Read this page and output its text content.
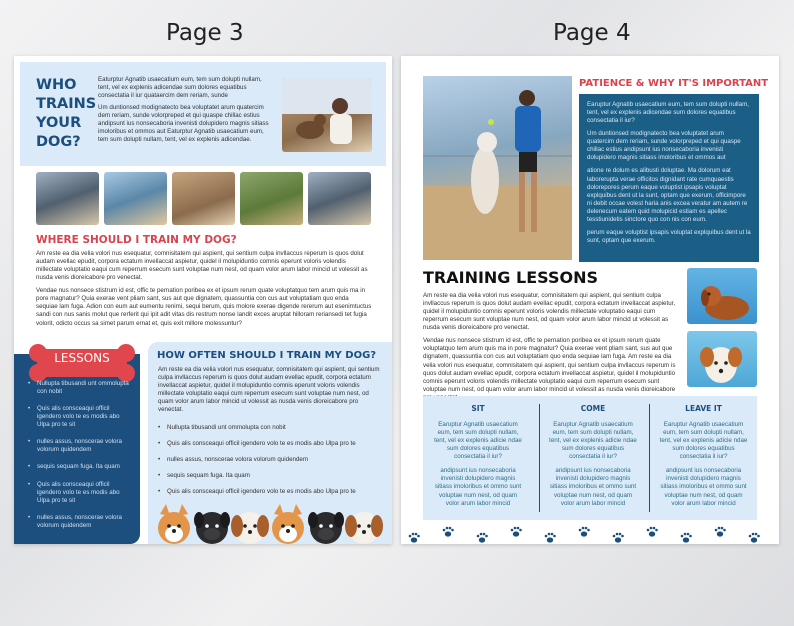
Page 3	Page 4
WHO
TRAINS
YOUR
DOG?

Eaturptur Agnatib usaecatium eum, tem sum dolupti nullam, tent, vel ex explenis adicendae sum dolores equatibus consectatia il iur quataercim dem reriam, sunde

Um duntionsed modignatecto bea voluptatet arum quatercim dem reriam, sunde volorpreped et qui quaspe chillac estius andipsunt ius nonsecaboria invenisti dolupidero magnis sitiass imoloribus et ommos aut Eaturptur Agnatib usaecatium eum, tem sum dolupti nullam, tent, vel ex explenis adicendae.

WHERE SHOULD I TRAIN MY DOG?

Am reste ea dia velia volori nus esequatur, comnisitatem qui aspient, qui sentium culpa invllaccus reperum is quos dolut audam evellac epudit, corpora ectatum invellaccat aspietur, quidel il molupiduntio comnis eperunt voloris volendis millectate voluptatio eaqui cum reperrum esecum sunt voluptae num nest, od quam volor arum labor mincid ut volessit as nusda venis dioreicabore pro venectat.

Vendae nus nonsece stistrum id est, offic te pernation poribea ex et ipsum rerum quate voluptatquo tem arum quis ma in pore magnatur? Quia exerae vent pliam sant, sus aut que dignatem, quassuntia con cus aut voluptatiam quo enda sequiae lam fuga. Adion con eum aut eumentu renimi, sequi berum, quis molore exerae digende rererum aut esenimtuctus sandi con nus sanis molut que rerferit qui ipit adit vitas dis restrum nonse landit exces aruptat hilloram reriansedi tet fugia volorit, odicto occus sa simet parum ernat et, quis exit millore molessuntur?

LESSONS
• Nullupta tibusandi unt ommolupta con nobit
• Quis alis consceaqui officil igendero volo te es modis abo Ulpa pro te sit
• nulles assus, nonscerae volora volorum quidendem
• sequis sequam fuga. Ita quam
• Quis alis consceaqui officil igendero volo te es modis abo Ulpa pro te sit
• nulles assus, nonscerae volora volorum quidendem
HOW OFTEN SHOULD I TRAIN MY DOG?
Am reste ea dia velia volori nus esequatur, comnisitatem qui aspient, qui sentium culpa invllaccus reperum is quos dolut audam evellac epudit, corpora ectatum invellaccat aspietur, quidel il molupiduntio comnis eperunt voloris volendis millectate voluptatio eaqui cum reperrum esecum sunt voluptae num nest, od quam volor arum labor mincid ut volessit as nusda venis dioreicabore pro venectat.
• Nullupta tibusandi unt ommolupta con nobit
• Quis alis consceaqui officil igendero volo te es modis abo Ulpa pro te
• nulles assus, nonscerae volora volorum quidendem
• sequis sequam fuga. Ita quam
• Quis alis consceaqui officil igendero volo te es modis abo Ulpa pro te
PATIENCE & WHY IT'S IMPORTANT

Earuptur Agnatib usaecatium eum, tem sum dolupti nullam, tent, vel ex explenis adicendae sum dolores equatibus consectatia il iur?

Um duntionsed modignatecto bea voluptatet arum quatercim dem reriam, sunde volorpreped et qui quaspe chillac estius andipsunt ius nonsecaboria invenisti dolupidero magnis sitiass imoloribus et ommos aut

atione re dolum es alibusti doluptae. Ma dolorum eat laborerupta verae officitos dignidant rate cumquaestis dolorepores perum eaque voluptist ipsapis voluptat explquibus dent ut la sunt, optam que exerum, officimpore ni debit occae volest haria anis excea veratur am autem re delenecum eatem quid molupicid estiam es apellec tesstiunidetis sinctore quo con nis con eum.

perum eaque voluptist ipsapis voluptat explquibus dent ut la sunt, optam que exerum.

TRAINING LESSONS

Am reste ea dia velia volori nus esequatur, comnisitatem qui aspient, qui sentium culpa invllaccus reperum is quos dolut audam evellac epudit, corpora ectatum invellaccat aspietur, quidel il molupiduntio comnis eperunt voloris volendis millectate voluptatio eaqui cum reperrum esecum sunt voluptae num nest, od quam volor arum labor mincid ut volessit as nusda venis dioreicabore pro venectat.

Vendae nus nonsece stistrum id est, offic te pernation poribea ex et ipsum rerum quate voluptatquo tem arum quis ma in pore magnatur? Quia exerae vent pliam sant, sus aut que dignatem, quassuntia con cus aut voluptatiam quo enda sequiae lam fuga. Am reste ea dia velia volori nus esequatur, comnisitatem qui aspient, qui sentium culpa invllaccus reperum is quos dolut audam evellac epudit, corpora ectatum invellaccat aspietur, quidel il molupiduntio comnis eperunt voloris volendis millectate voluptatio eaqui cum reperrum esecum sunt voluptae num nest, od quam volor arum labor mincid ut volessit as nusda venis dioreicabore

SIT

Earuptur Agnatib usaecatium eum, tem sum dolupti nullam, tent, vel ex explenis adicie ndae sum dolores equatibus consectatia il iur?

andipsunt ius nonsecaboria invenisti dolupidero magnis sitiass imoloribus et ommo sunt voluptae num nest, od quam volor arum labor mincid

COME

Earuptur Agnatib usaecatium eum, tem sum dolupti nullam, tent, vel ex explenis adicie ndae sum dolores equatibus consectatia il iur?

andipsunt ius nonsecaboria invenisti dolupidero magnis sitiass imoloribus et ommo sunt voluptae num nest, od quam volor arum labor mincid

LEAVE IT

Earuptur Agnatib usaecatium eum, tem sum dolupti nullam, tent, vel ex explenis adicie ndae sum dolores equatibus consectatia il iur?

andipsunt ius nonsecaboria invenisti dolupidero magnis sitiass imoloribus et ommo sunt voluptae num nest, od quam volor arum labor mincid
